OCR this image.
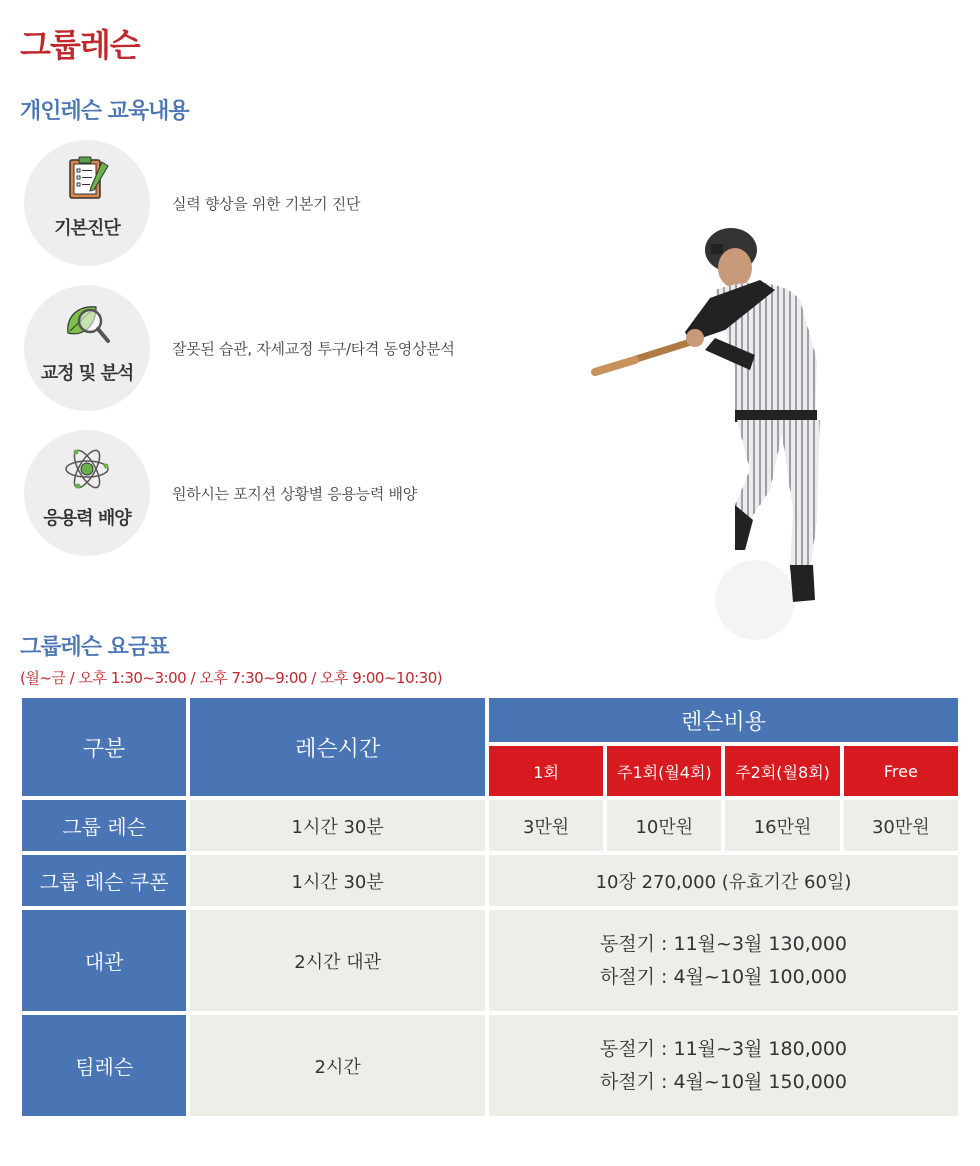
그룹레슨
개인레슨 교육내용
기본진단
실력 향상을 위한 기본기 진단
교정 및 분석
잘못된 습관, 자세교정 투구/타격 동영상분석
응용력 배양
원하시는 포지션 상황별 응용능력 배양
그룹레슨 요금표
(월~금 / 오후 1:30~3:00 / 오후 7:30~9:00 / 오후 9:00~10:30)
구분	레슨시간	렌슨비용			
		1회	주1회(월4회)	주2회(월8회)	Free
그룹 레슨	1시간 30분	3만원	10만원	16만원	30만원
그룹 레슨 쿠폰	1시간 30분	10장 270,000 (유효기간 60일)			
대관	2시간 대관	동절기 : 11월~3월 130,000
하절기 : 4월~10월 100,000			

팀레슨	2시간	동절기 : 11월~3월 180,000
하절기 : 4월~10월 150,000			
